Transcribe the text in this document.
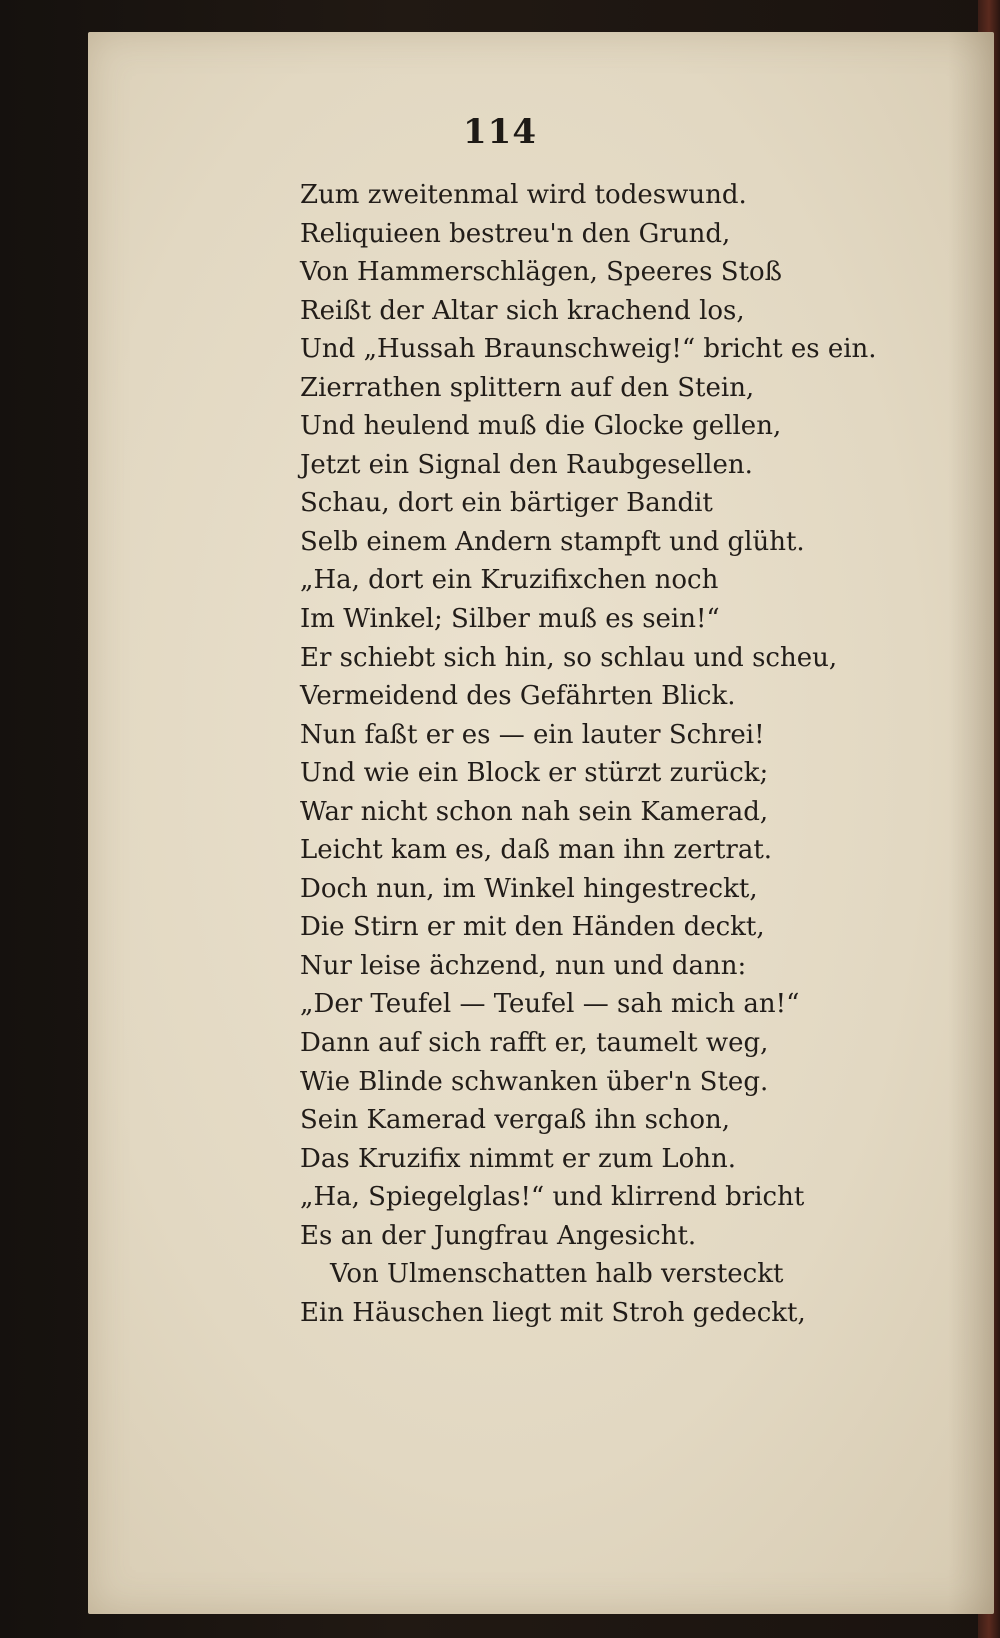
114
Zum zweitenmal wird todeswund.
Reliquieen bestreu'n den Grund,
Von Hammerschlägen, Speeres Stoß
Reißt der Altar sich krachend los,
Und „Hussah Braunschweig!“ bricht es ein.
Zierrathen splittern auf den Stein,
Und heulend muß die Glocke gellen,
Jetzt ein Signal den Raubgesellen.
Schau, dort ein bärtiger Bandit
Selb einem Andern stampft und glüht.
„Ha, dort ein Kruzifixchen noch
Im Winkel; Silber muß es sein!“
Er schiebt sich hin, so schlau und scheu,
Vermeidend des Gefährten Blick.
Nun faßt er es — ein lauter Schrei!
Und wie ein Block er stürzt zurück;
War nicht schon nah sein Kamerad,
Leicht kam es, daß man ihn zertrat.
Doch nun, im Winkel hingestreckt,
Die Stirn er mit den Händen deckt,
Nur leise ächzend, nun und dann:
„Der Teufel — Teufel — sah mich an!“
Dann auf sich rafft er, taumelt weg,
Wie Blinde schwanken über'n Steg.
Sein Kamerad vergaß ihn schon,
Das Kruzifix nimmt er zum Lohn.
„Ha, Spiegelglas!“ und klirrend bricht
Es an der Jungfrau Angesicht.
Von Ulmenschatten halb versteckt
Ein Häuschen liegt mit Stroh gedeckt,
